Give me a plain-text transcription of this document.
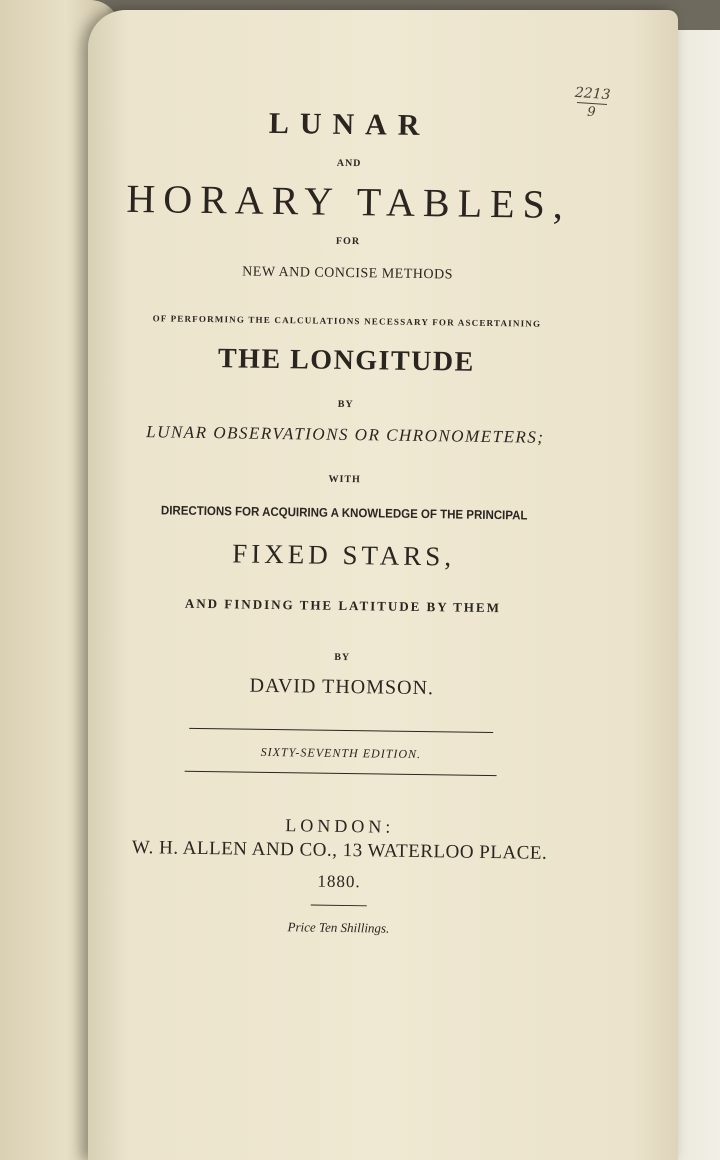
2213
9
LUNAR
AND
HORARY TABLES,
FOR
NEW AND CONCISE METHODS
OF PERFORMING THE CALCULATIONS NECESSARY FOR ASCERTAINING
THE LONGITUDE
BY
LUNAR OBSERVATIONS OR CHRONOMETERS;
WITH
DIRECTIONS FOR ACQUIRING A KNOWLEDGE OF THE PRINCIPAL
FIXED STARS,
AND FINDING THE LATITUDE BY THEM
BY
DAVID THOMSON.
SIXTY-SEVENTH EDITION.
LONDON:
W. H. ALLEN AND CO., 13 WATERLOO PLACE.
1880.
Price Ten Shillings.
